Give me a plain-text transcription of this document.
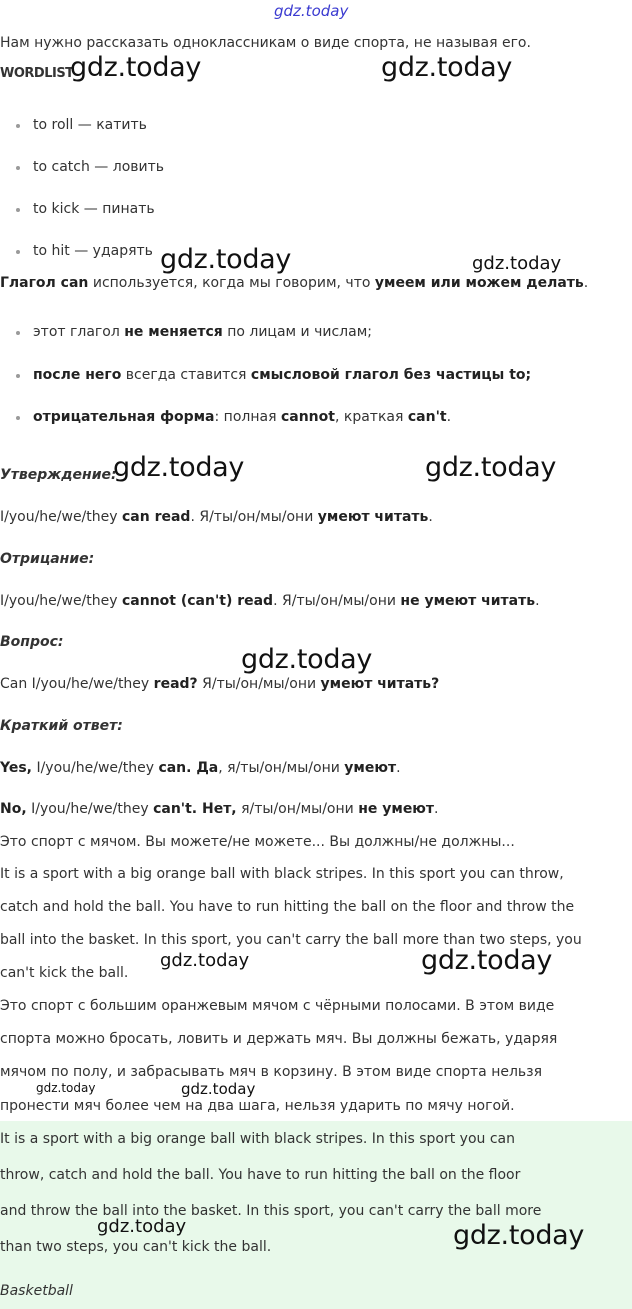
Нам нужно рассказать одноклассникам о виде спорта, не называя его.
WORDLIST
to roll — катить
to catch — ловить
to kick — пинать
to hit — ударять
Глагол can используется, когда мы говорим, что умеем или можем делать.
этот глагол не меняется по лицам и числам;
после него всегда ставится смысловой глагол без частицы to;
отрицательная форма: полная cannot, краткая can't.
Утверждение:
I/you/he/we/they can read. Я/ты/он/мы/они умеют читать.
Отрицание:
I/you/he/we/they cannot (can't) read. Я/ты/он/мы/они не умеют читать.
Вопрос:
Can I/you/he/we/they read? Я/ты/он/мы/они умеют читать?
Краткий ответ:
Yes, I/you/he/we/they can. Да, я/ты/он/мы/они умеют.
No, I/you/he/we/they can't. Нет, я/ты/он/мы/они не умеют.
Это спорт с мячом. Вы можете/не можете... Вы должны/не должны...
It is a sport with a big orange ball with black stripes. In this sport you can throw,
catch and hold the ball. You have to run hitting the ball on the floor and throw the
ball into the basket. In this sport, you can't carry the ball more than two steps, you
can't kick the ball.
Это спорт с большим оранжевым мячом с чёрными полосами. В этом виде
спорта можно бросать, ловить и держать мяч. Вы должны бежать, ударяя
мячом по полу, и забрасывать мяч в корзину. В этом виде спорта нельзя
пронести мяч более чем на два шага, нельзя ударить по мячу ногой.
It is a sport with a big orange ball with black stripes. In this sport you can
throw, catch and hold the ball. You have to run hitting the ball on the floor
and throw the ball into the basket. In this sport, you can't carry the ball more
than two steps, you can't kick the ball.
Basketball
gdz.today
gdz.today	gdz.today
gdz.today	gdz.today
gdz.today	gdz.today
gdz.today
gdz.today	gdz.today
gdz.today	gdz.today
gdz.today	gdz.today
